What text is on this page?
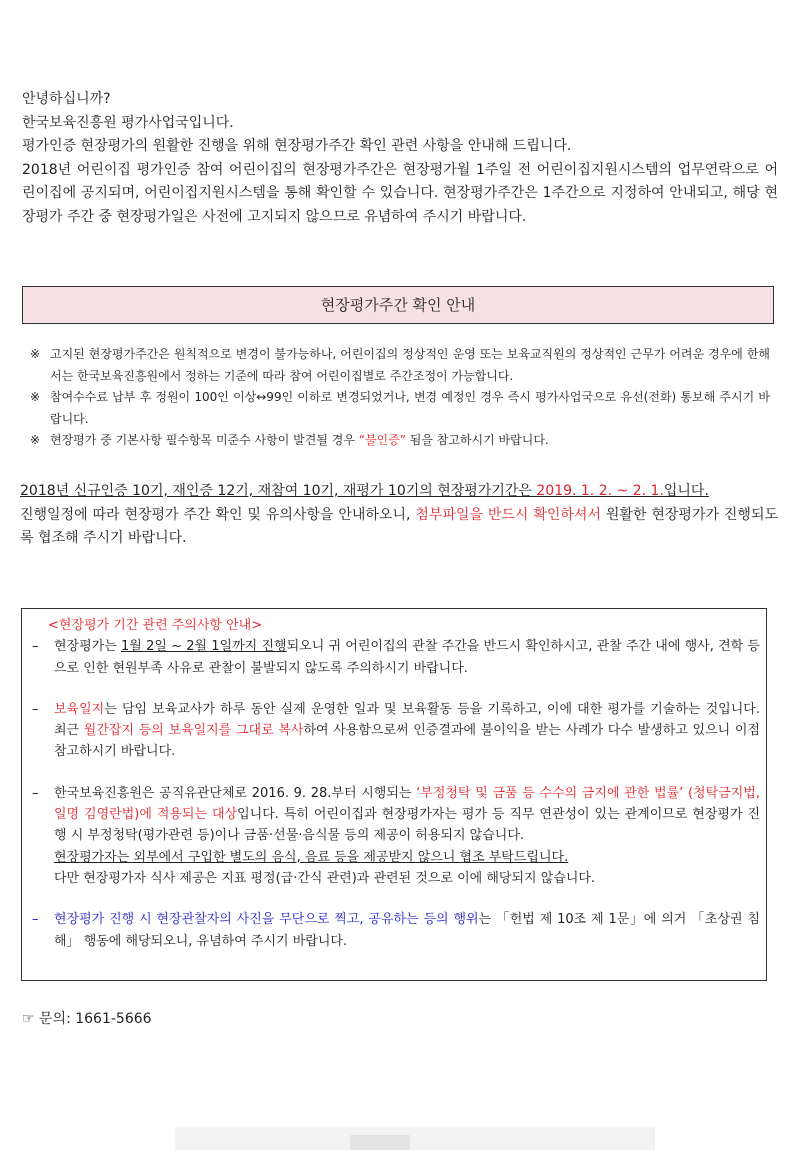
안녕하십니까?

한국보육진흥원 평가사업국입니다.

평가인증 현장평가의 원활한 진행을 위해 현장평가주간 확인 관련 사항을 안내해 드립니다.

2018년 어린이집 평가인증 참여 어린이집의 현장평가주간은 현장평가월 1주일 전 어린이집지원시스템의 업무연락으로 어린이집에 공지되며, 어린이집지원시스템을 통해 확인할 수 있습니다. 현장평가주간은 1주간으로 지정하여 안내되고, 해당 현장평가 주간 중 현장평가일은 사전에 고지되지 않으므로 유념하여 주시기 바랍니다.

현장평가주간 확인 안내
※ 고지된 현장평가주간은 원칙적으로 변경이 불가능하나, 어린이집의 정상적인 운영 또는 보육교직원의 정상적인 근무가 어려운 경우에 한해서는 한국보육진흥원에서 정하는 기준에 따라 참여 어린이집별로 주간조정이 가능합니다.
※ 참여수수료 납부 후 정원이 100인 이상↔99인 이하로 변경되었거나, 변경 예정인 경우 즉시 평가사업국으로 유선(전화) 통보해 주시기 바랍니다.
※ 현장평가 중 기본사항 필수항목 미준수 사항이 발견될 경우 “불인증” 됨을 참고하시기 바랍니다.

2018년 신규인증 10기, 재인증 12기, 재참여 10기, 재평가 10기의 현장평가기간은 2019. 1. 2. ~ 2. 1.입니다.

진행일정에 따라 현장평가 주간 확인 및 유의사항을 안내하오니, 첨부파일을 반드시 확인하셔서 원활한 현장평가가 진행되도록 협조해 주시기 바랍니다.

<현장평가 기간 관련 주의사항 안내>
–	현장평가는 1월 2일 ~ 2월 1일까지 진행되오니 귀 어린이집의 관찰 주간을 반드시 확인하시고, 관찰 주간 내에 행사, 견학 등으로 인한 현원부족 사유로 관찰이 불발되지 않도록 주의하시기 바랍니다.
–	보육일지는 담임 보육교사가 하루 동안 실제 운영한 일과 및 보육활동 등을 기록하고, 이에 대한 평가를 기술하는 것입니다. 최근 월간잡지 등의 보육일지를 그대로 복사하여 사용함으로써 인증결과에 불이익을 받는 사례가 다수 발생하고 있으니 이점 참고하시기 바랍니다.
–	한국보육진흥원은 공직유관단체로 2016. 9. 28.부터 시행되는 ‘부정청탁 및 금품 등 수수의 금지에 관한 법률’ (청탁금지법, 일명 김영란법)에 적용되는 대상입니다. 특히 어린이집과 현장평가자는 평가 등 직무 연관성이 있는 관계이므로 현장평가 진행 시 부정청탁(평가관련 등)이나 금품·선물·음식물 등의 제공이 허용되지 않습니다.
현장평가자는 외부에서 구입한 별도의 음식, 음료 등을 제공받지 않으니 협조 부탁드립니다.
다만 현장평가자 식사 제공은 지표 평정(급·간식 관련)과 관련된 것으로 이에 해당되지 않습니다.
–	현장평가 진행 시 현장관찰자의 사진을 무단으로 찍고, 공유하는 등의 행위는 「헌법 제 10조 제 1문」에 의거 「초상권 침해」 행동에 해당되오니, 유념하여 주시기 바랍니다.
☞ 문의: 1661-5666
